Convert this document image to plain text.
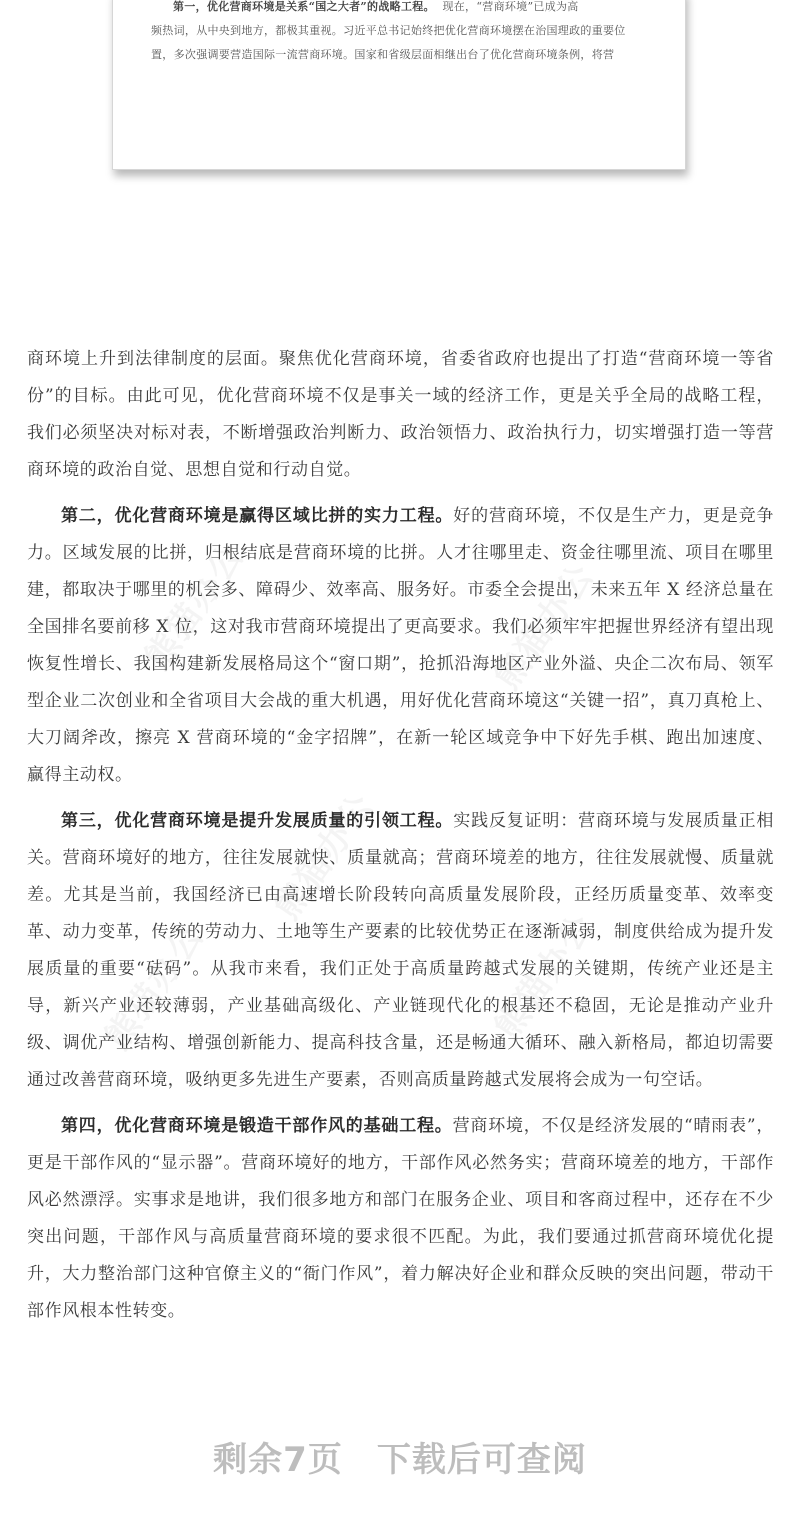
第一，优化营商环境是关系“国之大者”的战略工程。 现在，“营商环境”已成为高
频热词，从中央到地方，都极其重视。习近平总书记始终把优化营商环境摆在治国理政的重要位
置，多次强调要营造国际一流营商环境。国家和省级层面相继出台了优化营商环境条例，将营
熊猫办公	熊猫办公
熊猫办公
熊猫办公	熊猫办公

商环境上升到法律制度的层面。聚焦优化营商环境，省委省政府也提出了打造“营商环境一等省份”的目标。由此可见，优化营商环境不仅是事关一域的经济工作，更是关乎全局的战略工程，我们必须坚决对标对表，不断增强政治判断力、政治领悟力、政治执行力，切实增强打造一等营商环境的政治自觉、思想自觉和行动自觉。

第二，优化营商环境是赢得区域比拼的实力工程。好的营商环境，不仅是生产力，更是竞争力。区域发展的比拼，归根结底是营商环境的比拼。人才往哪里走、资金往哪里流、项目在哪里建，都取决于哪里的机会多、障碍少、效率高、服务好。市委全会提出，未来五年 X 经济总量在全国排名要前移 X 位，这对我市营商环境提出了更高要求。我们必须牢牢把握世界经济有望出现恢复性增长、我国构建新发展格局这个“窗口期”，抢抓沿海地区产业外溢、央企二次布局、领军型企业二次创业和全省项目大会战的重大机遇，用好优化营商环境这“关键一招”，真刀真枪上、大刀阔斧改，擦亮 X 营商环境的“金字招牌”，在新一轮区域竞争中下好先手棋、跑出加速度、赢得主动权。

第三，优化营商环境是提升发展质量的引领工程。实践反复证明：营商环境与发展质量正相关。营商环境好的地方，往往发展就快、质量就高；营商环境差的地方，往往发展就慢、质量就差。尤其是当前，我国经济已由高速增长阶段转向高质量发展阶段，正经历质量变革、效率变革、动力变革，传统的劳动力、土地等生产要素的比较优势正在逐渐减弱，制度供给成为提升发展质量的重要“砝码”。从我市来看，我们正处于高质量跨越式发展的关键期，传统产业还是主导，新兴产业还较薄弱，产业基础高级化、产业链现代化的根基还不稳固，无论是推动产业升级、调优产业结构、增强创新能力、提高科技含量，还是畅通大循环、融入新格局，都迫切需要通过改善营商环境，吸纳更多先进生产要素，否则高质量跨越式发展将会成为一句空话。

第四，优化营商环境是锻造干部作风的基础工程。营商环境，不仅是经济发展的“晴雨表”，更是干部作风的“显示器”。营商环境好的地方，干部作风必然务实；营商环境差的地方，干部作风必然漂浮。实事求是地讲，我们很多地方和部门在服务企业、项目和客商过程中，还存在不少突出问题，干部作风与高质量营商环境的要求很不匹配。为此，我们要通过抓营商环境优化提升，大力整治部门这种官僚主义的“衙门作风”，着力解决好企业和群众反映的突出问题，带动干部作风根本性转变。

剩余7页 下载后可查阅
